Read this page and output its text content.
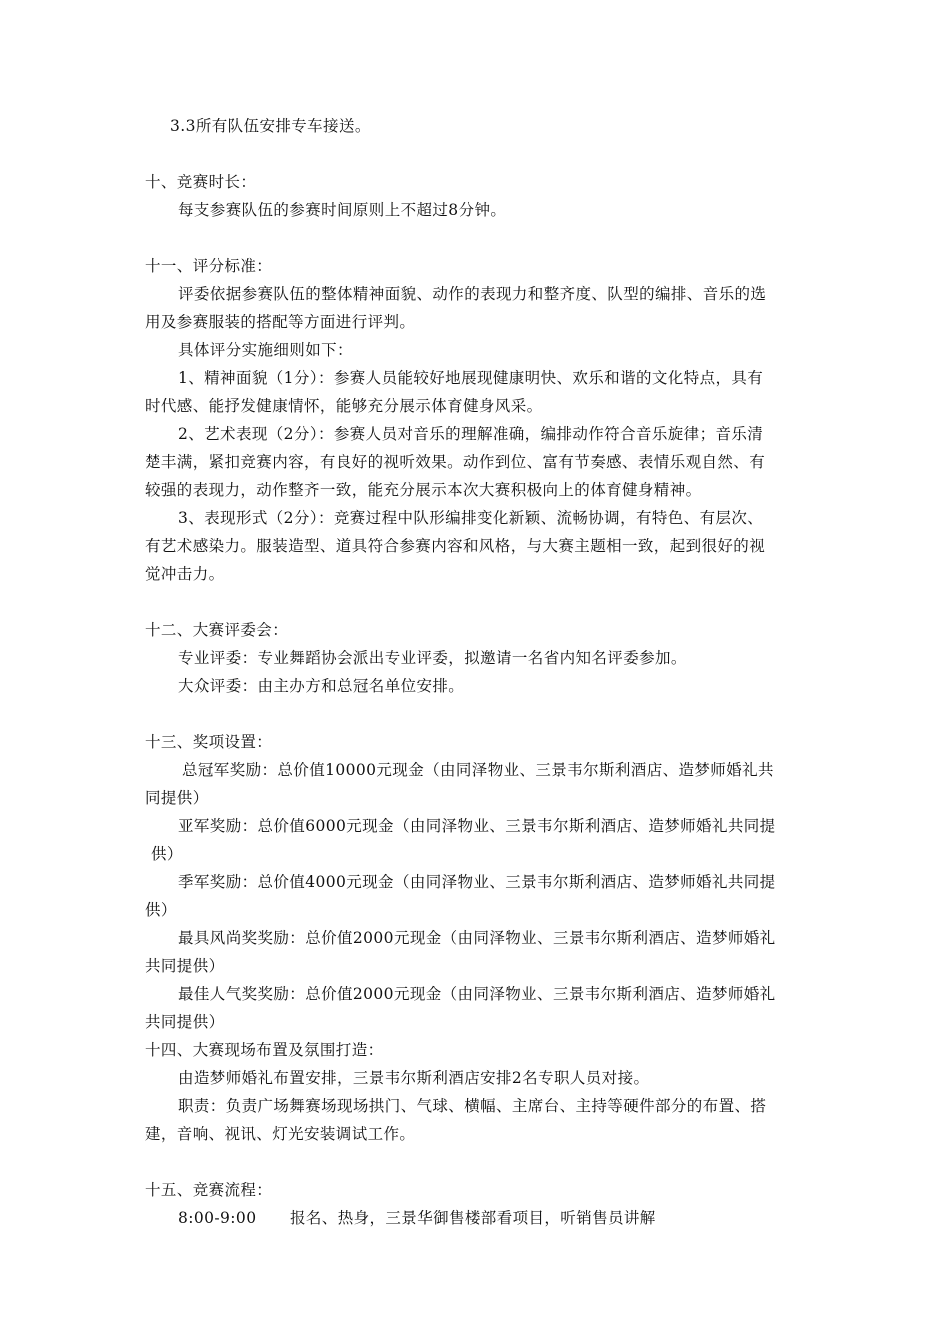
3.3所有队伍安排专车接送。

十、竞赛时长：

每支参赛队伍的参赛时间原则上不超过8分钟。

十一、评分标准：

评委依据参赛队伍的整体精神面貌、动作的表现力和整齐度、队型的编排、音乐的选

用及参赛服装的搭配等方面进行评判。

具体评分实施细则如下：

1、精神面貌（1分）：参赛人员能较好地展现健康明快、欢乐和谐的文化特点，具有

时代感、能抒发健康情怀，能够充分展示体育健身风采。

2、艺术表现（2分）：参赛人员对音乐的理解准确，编排动作符合音乐旋律；音乐清

楚丰满，紧扣竞赛内容，有良好的视听效果。动作到位、富有节奏感、表情乐观自然、有

较强的表现力，动作整齐一致，能充分展示本次大赛积极向上的体育健身精神。

3、表现形式（2分）：竞赛过程中队形编排变化新颖、流畅协调，有特色、有层次、

有艺术感染力。服装造型、道具符合参赛内容和风格，与大赛主题相一致，起到很好的视

觉冲击力。

十二、大赛评委会：

专业评委：专业舞蹈协会派出专业评委，拟邀请一名省内知名评委参加。

大众评委：由主办方和总冠名单位安排。

十三、奖项设置：

总冠军奖励：总价值10000元现金（由同泽物业、三景韦尔斯利酒店、造梦师婚礼共

同提供）

亚军奖励：总价值6000元现金（由同泽物业、三景韦尔斯利酒店、造梦师婚礼共同提

供）

季军奖励：总价值4000元现金（由同泽物业、三景韦尔斯利酒店、造梦师婚礼共同提

供）

最具风尚奖奖励：总价值2000元现金（由同泽物业、三景韦尔斯利酒店、造梦师婚礼

共同提供）

最佳人气奖奖励：总价值2000元现金（由同泽物业、三景韦尔斯利酒店、造梦师婚礼

共同提供）

十四、大赛现场布置及氛围打造：

由造梦师婚礼布置安排，三景韦尔斯利酒店安排2名专职人员对接。

职责：负责广场舞赛场现场拱门、气球、横幅、主席台、主持等硬件部分的布置、搭

建，音响、视讯、灯光安装调试工作。

十五、竞赛流程：

8:00-9:00 报名、热身，三景华御售楼部看项目，听销售员讲解
